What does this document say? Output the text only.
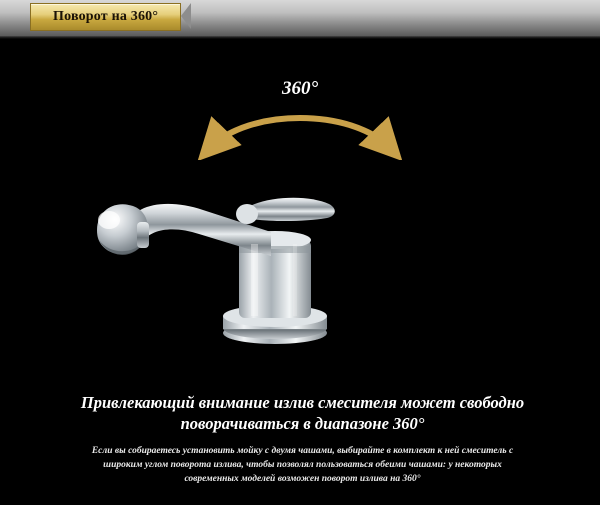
Поворот на 360°
360°
Привлекающий внимание излив смесителя может свободно поворачиваться в диапазоне 360°
Если вы собираетесь установить мойку с двумя чашами, выбирайте в комплект к ней смеситель с широким углом поворота излива, чтобы позволял пользоваться обеими чашами: у некоторых современных моделей возможен поворот излива на 360°
